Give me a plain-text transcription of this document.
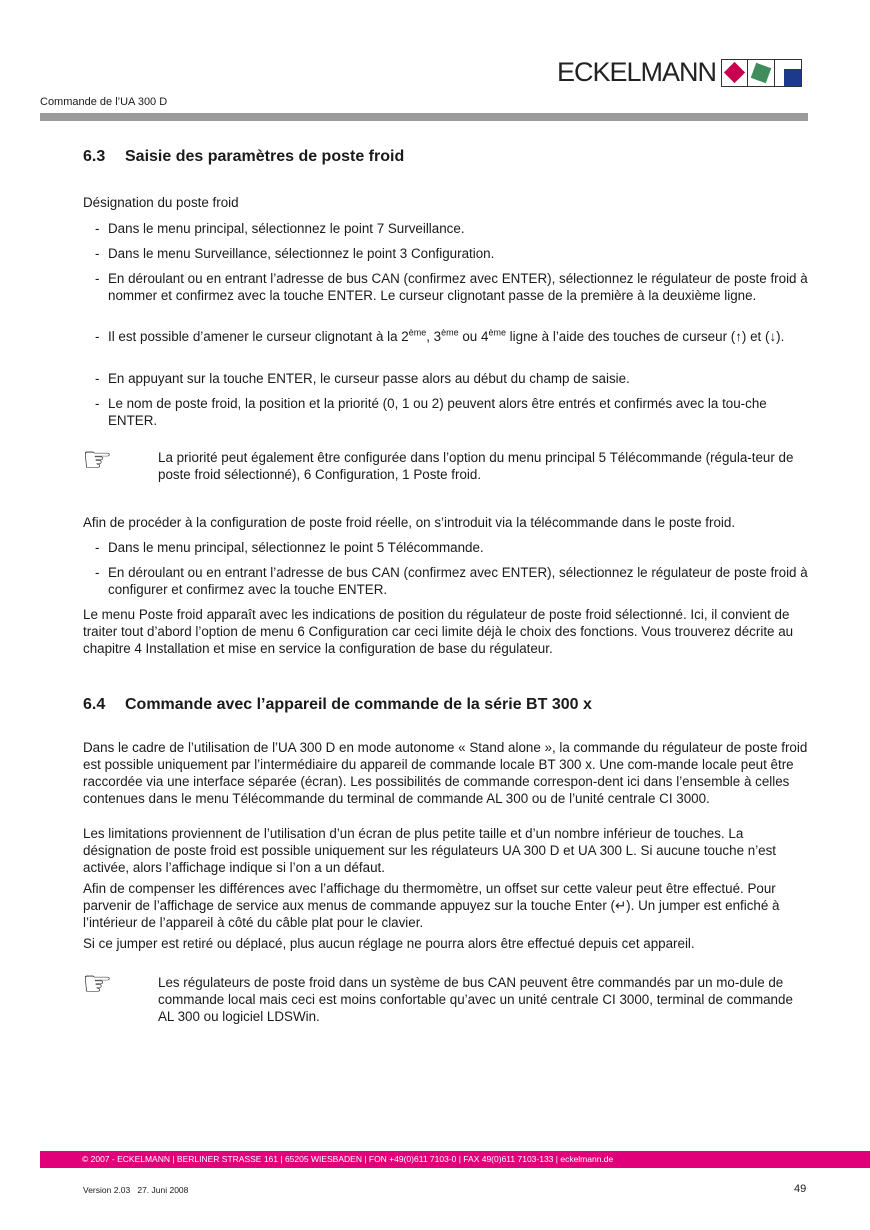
ECKELMANN
Commande de l’UA 300 D
6.3 Saisie des paramètres de poste froid
Désignation du poste froid
- Dans le menu principal, sélectionnez le point 7 Surveillance.
- Dans le menu Surveillance, sélectionnez le point 3 Configuration.
- En déroulant ou en entrant l’adresse de bus CAN (confirmez avec ENTER), sélectionnez le régulateur de poste froid à nommer et confirmez avec la touche ENTER. Le curseur clignotant passe de la première à la deuxième ligne.
- Il est possible d’amener le curseur clignotant à la 2ème, 3ème ou 4ème ligne à l’aide des touches de curseur (↑) et (↓).
- En appuyant sur la touche ENTER, le curseur passe alors au début du champ de saisie.
- Le nom de poste froid, la position et la priorité (0, 1 ou 2) peuvent alors être entrés et confirmés avec la tou-che ENTER.
☞	La priorité peut également être configurée dans l’option du menu principal 5 Télécommande (régula-teur de poste froid sélectionné), 6 Configuration, 1 Poste froid.
Afin de procéder à la configuration de poste froid réelle, on s’introduit via la télécommande dans le poste froid.
- Dans le menu principal, sélectionnez le point 5 Télécommande.
- En déroulant ou en entrant l’adresse de bus CAN (confirmez avec ENTER), sélectionnez le régulateur de poste froid à configurer et confirmez avec la touche ENTER.
Le menu Poste froid apparaît avec les indications de position du régulateur de poste froid sélectionné. Ici, il convient de traiter tout d’abord l’option de menu 6 Configuration car ceci limite déjà le choix des fonctions. Vous trouverez décrite au chapitre 4 Installation et mise en service la configuration de base du régulateur.
6.4 Commande avec l’appareil de commande de la série BT 300 x
Dans le cadre de l’utilisation de l’UA 300 D en mode autonome « Stand alone », la commande du régulateur de poste froid est possible uniquement par l’intermédiaire du appareil de commande locale BT 300 x. Une com-mande locale peut être raccordée via une interface séparée (écran). Les possibilités de commande correspon-dent ici dans l’ensemble à celles contenues dans le menu Télécommande du terminal de commande AL 300 ou de l’unité centrale CI 3000.
Les limitations proviennent de l’utilisation d’un écran de plus petite taille et d’un nombre inférieur de touches. La désignation de poste froid est possible uniquement sur les régulateurs UA 300 D et UA 300 L. Si aucune touche n’est activée, alors l’affichage indique si l’on a un défaut.
Afin de compenser les différences avec l’affichage du thermomètre, un offset sur cette valeur peut être effectué. Pour parvenir de l’affichage de service aux menus de commande appuyez sur la touche Enter (↵). Un jumper est enfiché à l’intérieur de l’appareil à côté du câble plat pour le clavier.
Si ce jumper est retiré ou déplacé, plus aucun réglage ne pourra alors être effectué depuis cet appareil.
☞	Les régulateurs de poste froid dans un système de bus CAN peuvent être commandés par un mo-dule de commande local mais ceci est moins confortable qu’avec un unité centrale CI 3000, terminal de commande AL 300 ou logiciel LDSWin.
© 2007 - ECKELMANN | BERLINER STRASSE 161 | 65205 WIESBADEN | FON +49(0)611 7103-0 | FAX 49(0)611 7103-133 | eckelmann.de
Version 2.03   27. Juni 2008	49
